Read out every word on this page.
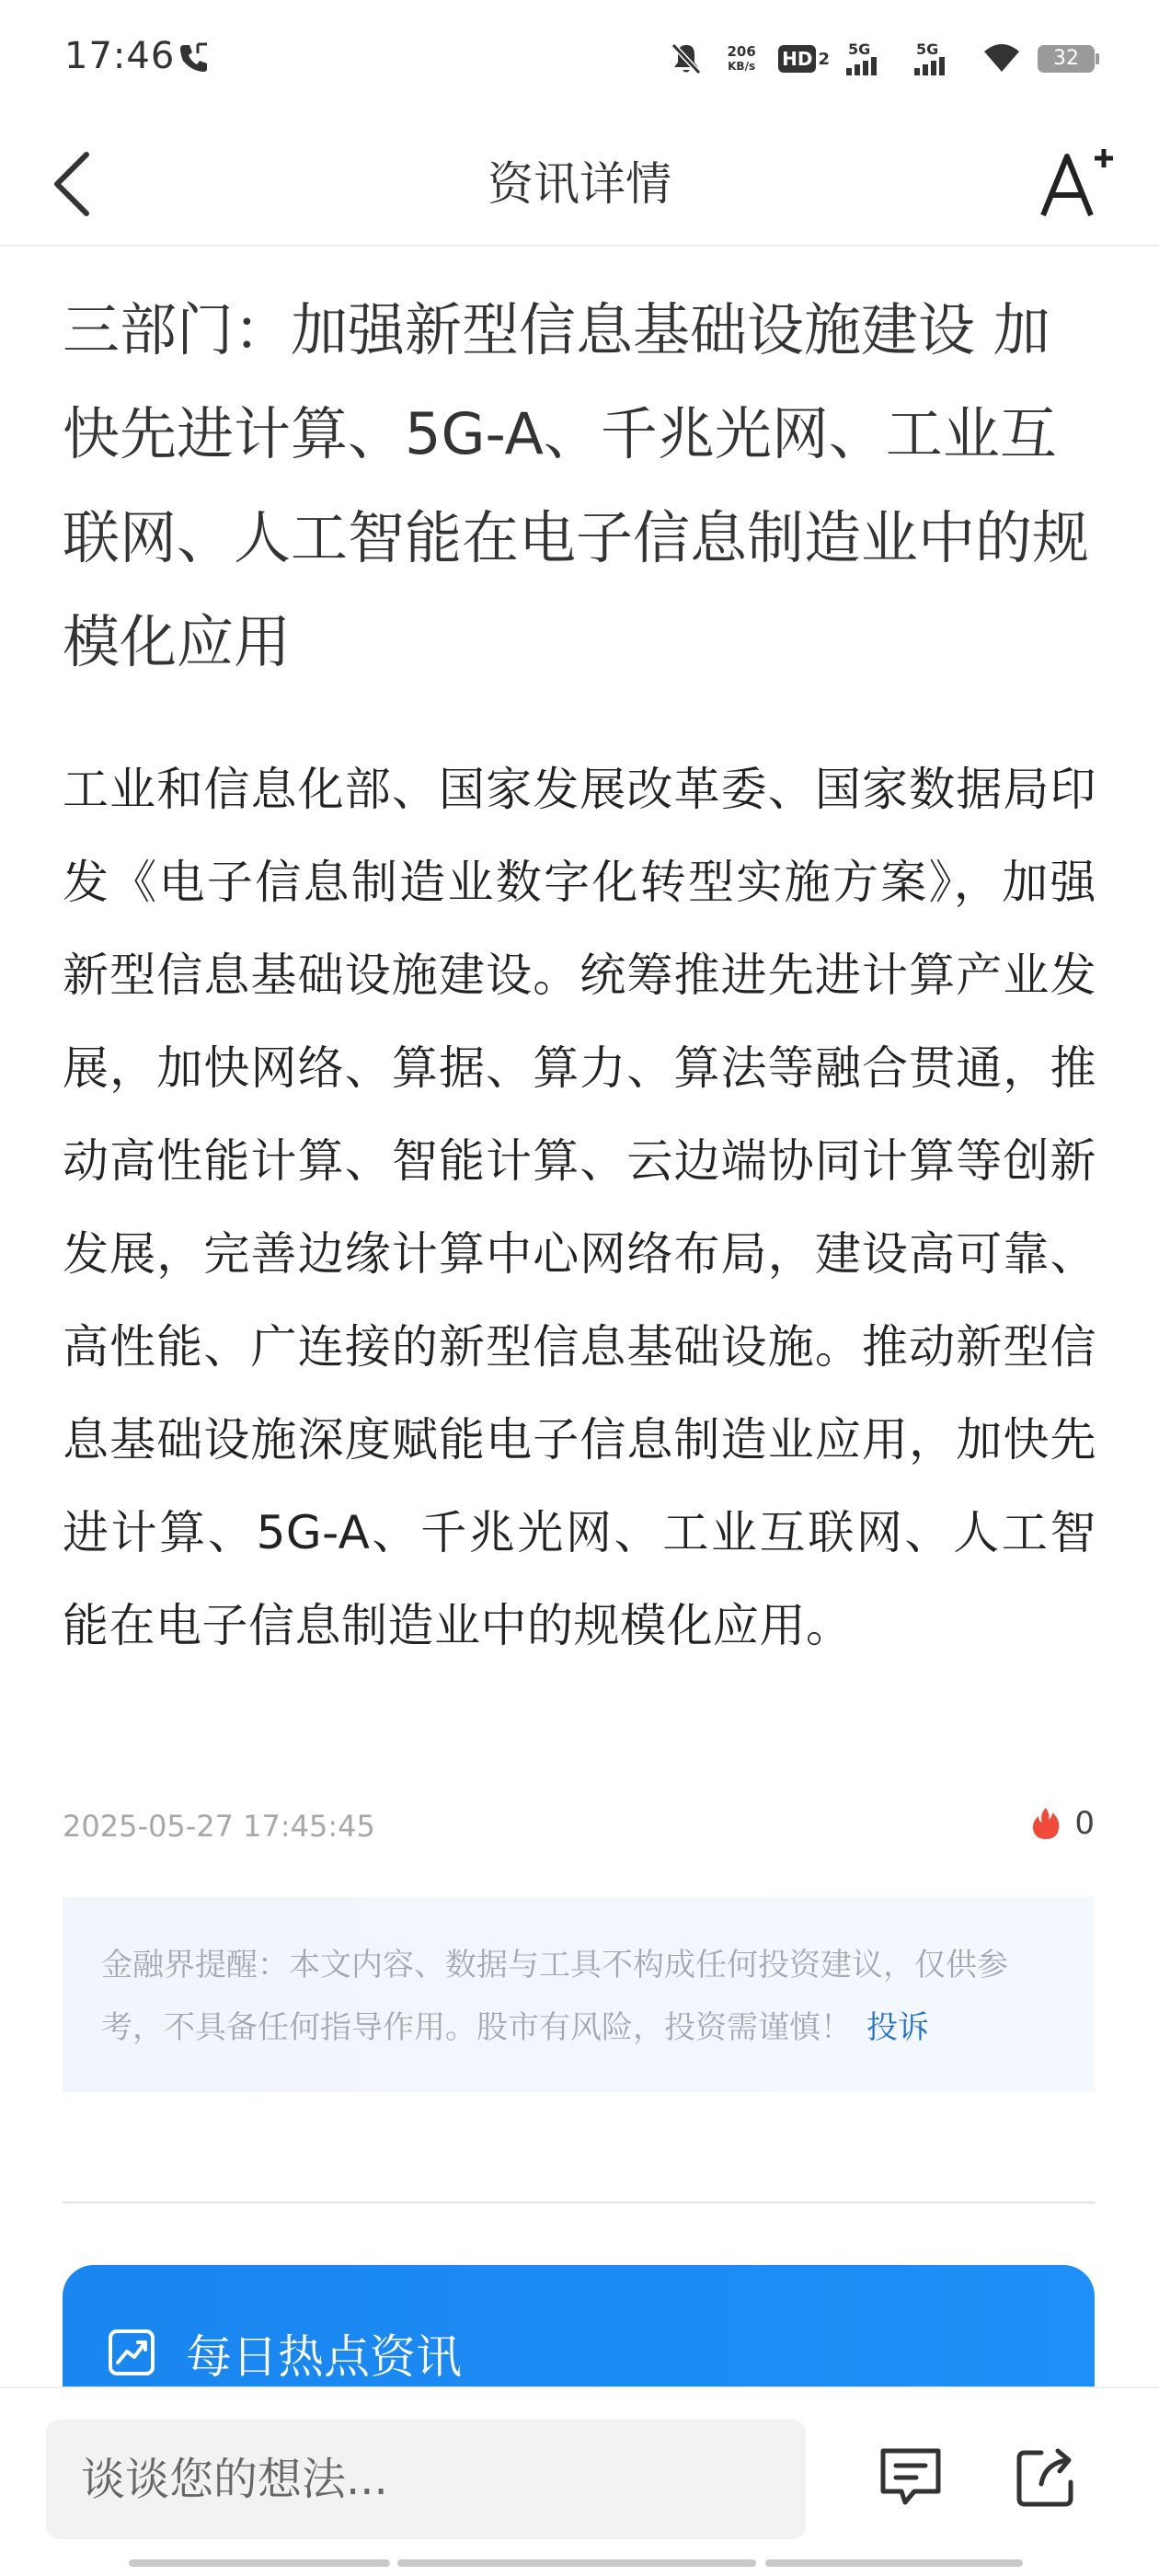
17:46	206
KB/s	HD 2 5G	5G	32
资讯详情
三部门：加强新型信息基础设施建设 加快先进计算、5G-A、千兆光网、工业互联网、人工智能在电子信息制造业中的规模化应用
工业和信息化部、国家发展改革委、国家数据局印发《电子信息制造业数字化转型实施方案》，加强新型信息基础设施建设。统筹推进先进计算产业发展，加快网络、算据、算力、算法等融合贯通，推动高性能计算、智能计算、云边端协同计算等创新发展，完善边缘计算中心网络布局，建设高可靠、高性能、广连接的新型信息基础设施。推动新型信息基础设施深度赋能电子信息制造业应用，加快先进计算、5G-A、千兆光网、工业互联网、人工智能在电子信息制造业中的规模化应用。
2025-05-27 17:45:45	0
金融界提醒：本文内容、数据与工具不构成任何投资建议，仅供参考，不具备任何指导作用。股市有风险，投资需谨慎！ 投诉
每日热点资讯
谈谈您的想法...
